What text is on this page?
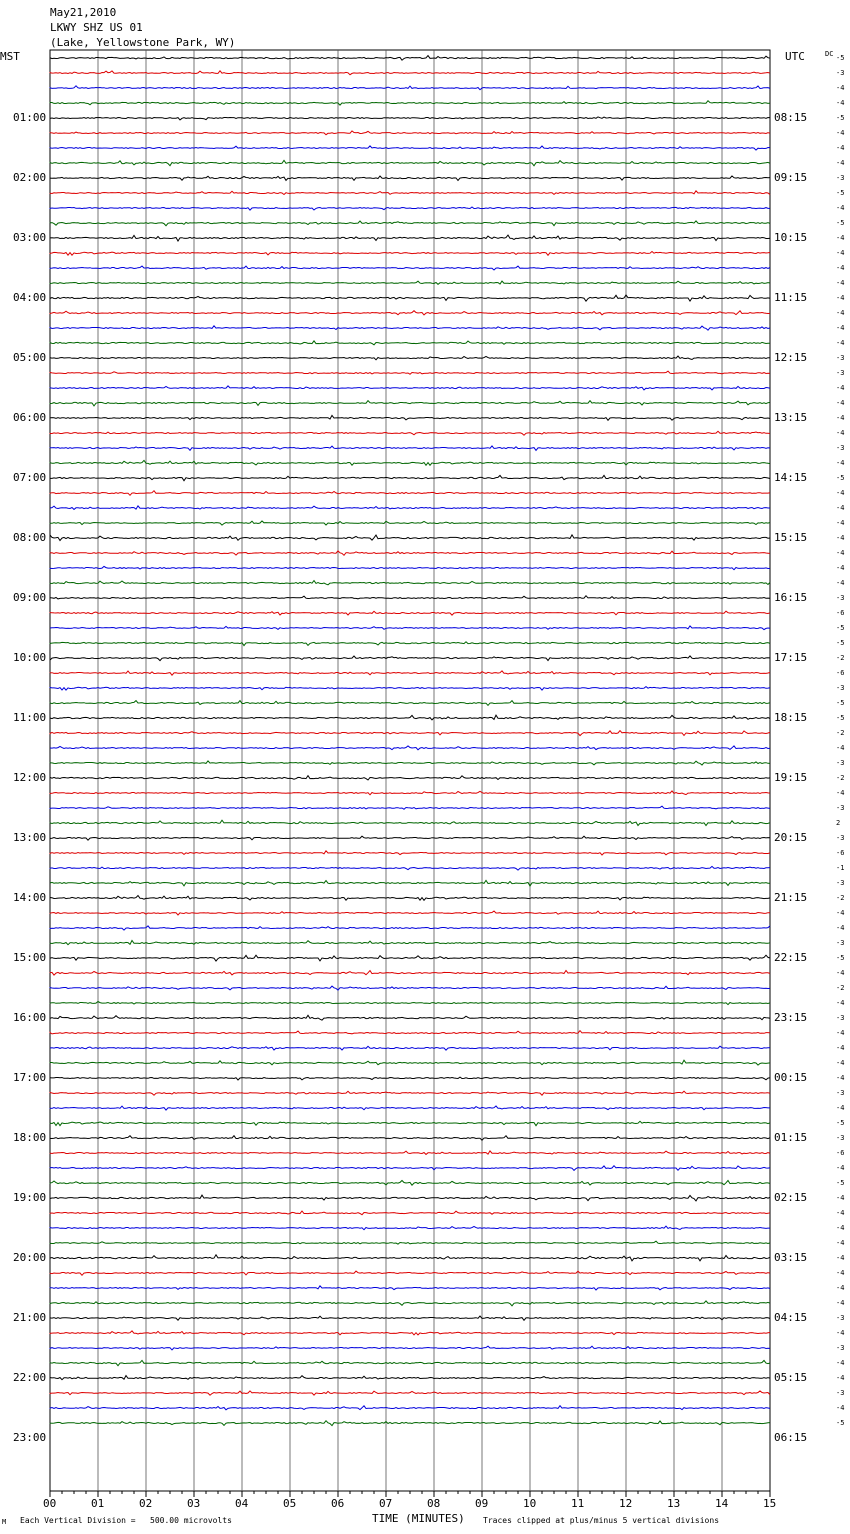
May21,2010
LKWY SHZ US 01
(Lake, Yellowstone Park, WY)
MST	UTC	DC -5
-3
-4
-4
-5
-4
-4
-4
-3
-5
-4
-5
-4
-4
-4
-4
-4
-4
-4
-4
-3
-3
-4
-4
-4
-4
-3
-4
-5
-4
-4
-4
-4
-4
-4
-4
-3
-6
-5
-5
-2
-6
-3
-5
-5
-2
-4
-3
-2
-4
-3
2
-3
-6
-1
-3
-2
-4
-4
-3
-5
-4
-2
-4
-3
-4
-4
-4
-4
-3
-4
-5
-3
-6
-4
-5
-4
-4
-4
-4
-4
-4
-4
-4
-3
-4
-3
-4
-4
-3
-4
-5
01:00	08:15
02:00	09:15
03:00	10:15
04:00	11:15
05:00	12:15
06:00	13:15
07:00	14:15
08:00	15:15
09:00	16:15
10:00	17:15
11:00	18:15
12:00	19:15
13:00	20:15
14:00	21:15
15:00	22:15
16:00	23:15
17:00	00:15
18:00	01:15
19:00	02:15
20:00	03:15
21:00	04:15
22:00	05:15
23:00	06:15
00	01	02	03	04	05	06	07	08	09	10	11	12	13	14	15
TIME (MINUTES)
Each Vertical Division =   500.00 microvolts	Traces clipped at plus/minus 5 vertical divisions
M
